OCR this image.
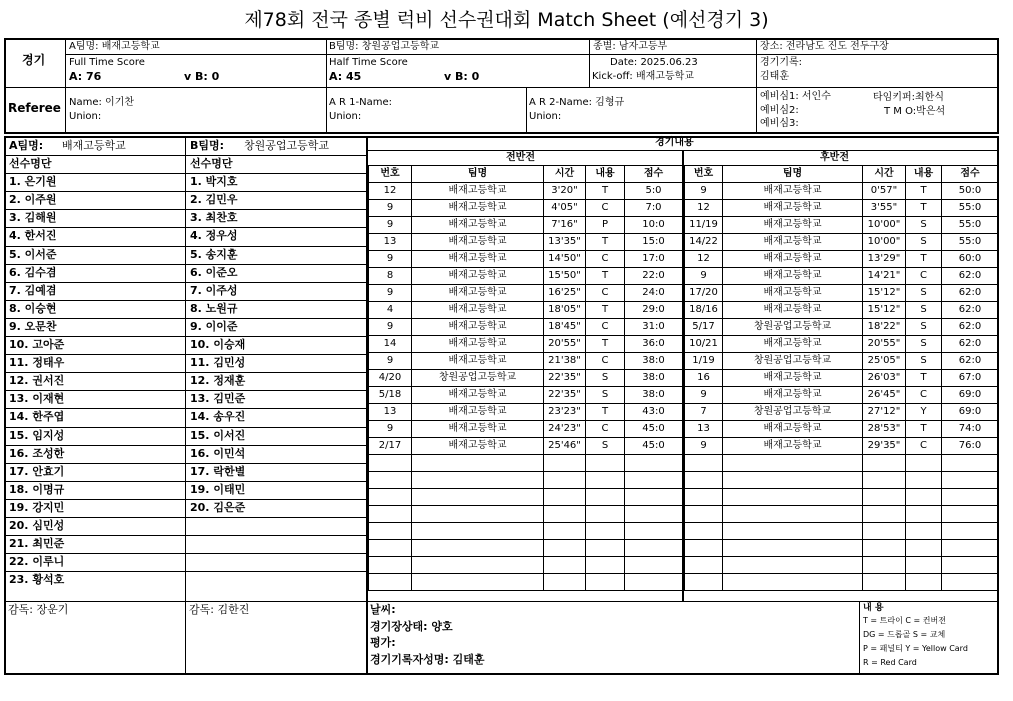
제78회 전국 종별 럭비 선수권대회 Match Sheet (예선경기 3)
경기
A팀명: 배재고등학교	B팀명: 창원공업고등학교	종별: 남자고등부	장소: 전라남도 진도 전두구장
Full Time Score
A: 76	v B: 0
Half Time Score
A: 45	v B: 0
Date: 2025.06.23
Kick-off: 배재고등학교
경기기록:
김태훈
Referee Name: 이기찬
Union:
A R 1-Name:
Union:
A R 2-Name: 김형규
Union:
예비심1: 서인수
예비심2:
예비심3:
타임키퍼:최한식
T M O:박은석
A팀명: 배재고등학교	B팀명: 창원공업고등학교
선수명단	선수명단
1. 은기원	1. 박지호
2. 이주원	2. 김민우
3. 김해원	3. 최찬호
4. 한서진	4. 정우성
5. 이서준	5. 송지훈
6. 김수겸	6. 이준오
7. 김예겸	7. 이주성
8. 이승현	8. 노원규
9. 오문찬	9. 이이준
10. 고아준	10. 이승재
11. 정태우	11. 김민성
12. 권서진	12. 정재훈
13. 이재현	13. 김민준
14. 한주엽	14. 송우진
15. 임지성	15. 이서진
16. 조성한	16. 이민석
17. 안효기	17. 락한별
18. 이명규	19. 이태민
19. 강지민	20. 김은준
20. 심민성
21. 최민준
22. 이루니
23. 황석호
경기내용
전반전	후반전
번호	팀명	시간	내용	점수
12	배재고등학교	3'20"	T	5:0
9	배재고등학교	4'05"	C	7:0
9	배재고등학교	7'16"	P	10:0
13	배재고등학교	13'35"	T	15:0
9	배재고등학교	14'50"	C	17:0
8	배재고등학교	15'50"	T	22:0
9	배재고등학교	16'25"	C	24:0
4	배재고등학교	18'05"	T	29:0
9	배재고등학교	18'45"	C	31:0
14	배재고등학교	20'55"	T	36:0
9	배재고등학교	21'38"	C	38:0
4/20	창원공업고등학교	22'35"	S	38:0
5/18	배재고등학교	22'35"	S	38:0
13	배재고등학교	23'23"	T	43:0
9	배재고등학교	24'23"	C	45:0
2/17	배재고등학교	25'46"	S	45:0

번호	팀명	시간	내용	점수
9	배재고등학교	0'57"	T	50:0
12	배재고등학교	3'55"	T	55:0
11/19	배재고등학교	10'00"	S	55:0
14/22	배재고등학교	10'00"	S	55:0
12	배재고등학교	13'29"	T	60:0
9	배재고등학교	14'21"	C	62:0
17/20	배재고등학교	15'12"	S	62:0
18/16	배재고등학교	15'12"	S	62:0
5/17	창원공업고등학교	18'22"	S	62:0
10/21	배재고등학교	20'55"	S	62:0
1/19	창원공업고등학교	25'05"	S	62:0
16	배재고등학교	26'03"	T	67:0
9	배재고등학교	26'45"	C	69:0
7	창원공업고등학교	27'12"	Y	69:0
13	배재고등학교	28'53"	T	74:0
9	배재고등학교	29'35"	C	76:0

감독: 장운기	감독: 김한진	날씨:
경기장상태: 양호
평가:
경기기록자성명: 김태훈
내 용
T = 트라이 C = 컨버젼
DG = 드롭골 S = 교체
P = 패널티 Y = Yellow Card
R = Red Card
